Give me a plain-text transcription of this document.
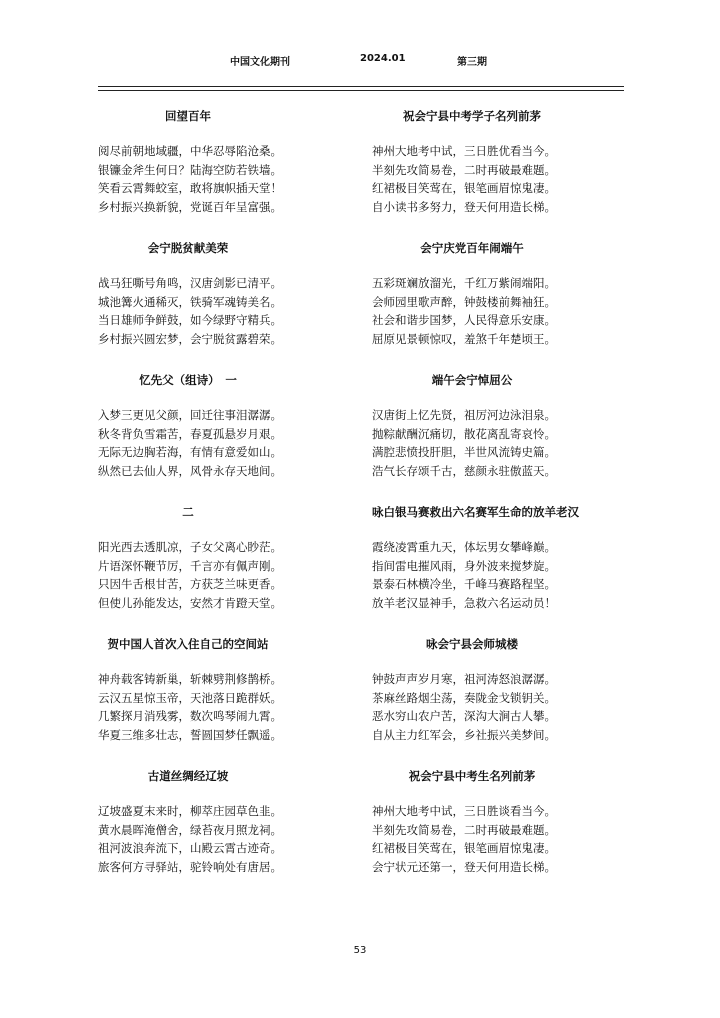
中国文化期刊	2024.01	第三期
回望百年
阅尽前朝地域疆，中华忍辱陷沧桑。
银镰金斧生何日？陆海空防若铁墙。
笑看云霄舞蛟室，敢将旗帜插天堂！
乡村振兴换新貌，党诞百年呈富强。
会宁脱贫献美荣
战马狂嘶号角鸣，汉唐剑影已清平。
城池篝火通稀灭，铁骑军魂铸美名。
当日雄师争鲜鼓，如今绿野守精兵。
乡村振兴圆宏梦，会宁脱贫露碧荣。
忆先父（组诗）　一
入梦三更见父颜，回迁往事泪潺潺。
秋冬背负雪霜苦，春夏孤悬岁月艰。
无际无边胸若海，有情有意爱如山。
纵然已去仙人界，风骨永存天地间。
二
阳光西去透肌凉，子女父离心眇茫。
片语深怀鞭节厉，千言亦有佩声刚。
只因牛舌根甘苦，方获芝兰味更香。
但使儿孙能发达，安然才肯蹬天堂。
贺中国人首次入住自己的空间站
神舟载客铸新巢，斩棘劈荆修鹊桥。
云汉五星惊玉帝，天池落日跪群妖。
几繁探月消残雾，数次鸣琴闹九霄。
华夏三维多壮志，誓圆国梦任飘遥。
古道丝绸经辽坡
辽坡盛夏末来时，柳萃庄园草色韭。
黄水晨晖淹僧舍，绿苔夜月照龙祠。
祖河波浪奔流下，山殿云霄古迹奇。
旅客何方寻驿站，驼铃响处有唐居。
祝会宁县中考学子名列前茅
神州大地考中试，三日胜优看当今。
半刻先攻简易卷，二时再破最难题。
红裙极目笑莺在，银笔画眉惊鬼凄。
自小读书多努力，登天何用造长梯。
会宁庆党百年闹端午
五彩斑斓放溜光，千红万紫闹端阳。
会师园里歌声醉，钟鼓楼前舞袖狂。
社会和谐步国梦，人民得意乐安康。
屈原见景顿惊叹，羞煞千年楚顷王。
端午会宁悼屈公
汉唐街上忆先贤，祖厉河边泳泪泉。
抛粽献酬沉痛切，散花离乱寄哀怜。
满腔悲愤投肝胆，半世风流铸史篇。
浩气长存颂千古，慈颜永驻傲蓝天。
咏白银马赛救出六名赛军生命的放羊老汉
霞绕凌霄重九天，体坛男女攀峰巅。
指间雷电摧风雨，身外波来搅梦旋。
景泰石林横冷坐，千峰马赛路程坚。
放羊老汉显神手，急救六名运动员！
咏会宁县会师城楼
钟鼓声声岁月寒，祖河涛怒浪潺潺。
茶麻丝路烟尘荡，奏陇金戈锁钥关。
恶水穷山农户苦，深沟大涧古人攀。
自从主力红军会，乡社振兴美梦间。
祝会宁县中考生名列前茅
神州大地考中试，三日胜谈看当今。
半刻先攻简易卷，二时再破最难题。
红裙极目笑莺在，银笔画眉惊鬼凄。
会宁状元还第一，登天何用造长梯。
53
